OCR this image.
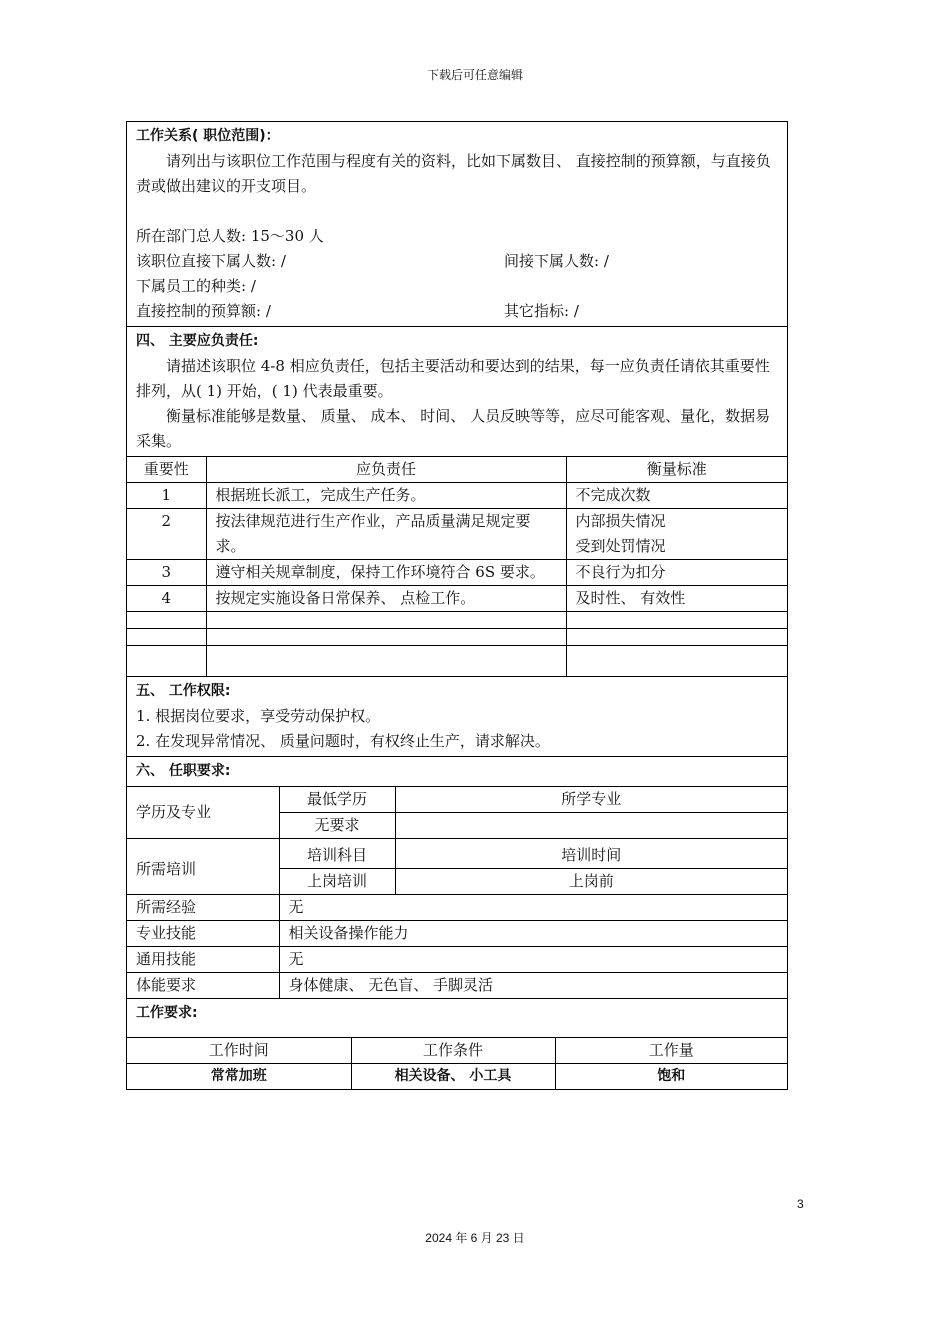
下载后可任意编辑
工作关系( 职位范围)：
请列出与该职位工作范围与程度有关的资料，比如下属数目、 直接控制的预算额，与直接负责或做出建议的开支项目。
所在部门总人数: 15～30 人
该职位直接下属人数: /	间接下属人数: /
下属员工的种类: /
直接控制的预算额: /	其它指标: /
四、 主要应负责任:
请描述该职位 4-8 相应负责任，包括主要活动和要达到的结果，每一应负责任请依其重要性排列，从( 1) 开始，( 1) 代表最重要。
衡量标准能够是数量、 质量、 成本、 时间、 人员反映等等，应尽可能客观、量化，数据易采集。
重要性	应负责任	衡量标准
1	根据班长派工，完成生产任务。	不完成次数
2	按法律规范进行生产作业，产品质量满足规定要求。	内部损失情况
受到处罚情况
3	遵守相关规章制度，保持工作环境符合 6S 要求。	不良行为扣分
4	按规定实施设备日常保养、 点检工作。	及时性、 有效性

五、 工作权限:
1. 根据岗位要求，享受劳动保护权。
2. 在发现异常情况、 质量问题时，有权终止生产，请求解决。
六、 任职要求:
学历及专业	最低学历	所学专业
	无要求	
所需培训	培训科目	培训时间
	上岗培训	上岗前
所需经验	无	
专业技能	相关设备操作能力	
通用技能	无	
体能要求	身体健康、 无色盲、 手脚灵活	
工作要求:
工作时间	工作条件	工作量
常常加班	相关设备、 小工具	饱和
3
2024 年 6 月 23 日
